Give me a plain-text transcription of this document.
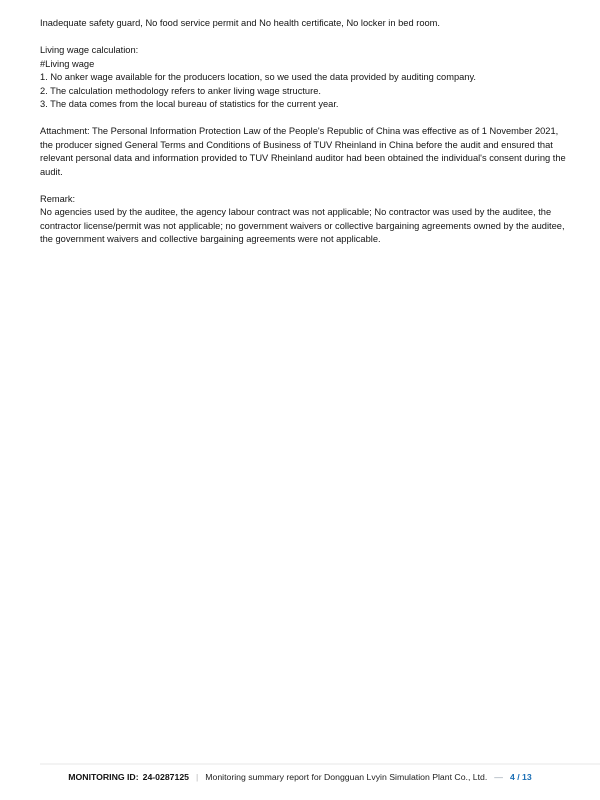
Inadequate safety guard, No food service permit and No health certificate, No locker in bed room.

Living wage calculation:
#Living wage
1. No anker wage available for the producers location, so we used the data provided by auditing company.
2. The calculation methodology refers to anker living wage structure.
3. The data comes from the local bureau of statistics for the current year.

Attachment: The Personal Information Protection Law of the People's Republic of China was effective as of 1 November 2021, the producer signed General Terms and Conditions of Business of TUV Rheinland in China before the audit and ensured that relevant personal data and information provided to TUV Rheinland auditor had been obtained the individual's consent during the audit.

Remark:

No agencies used by the auditee, the agency labour contract was not applicable; No contractor was used by the auditee, the contractor license/permit was not applicable; no government waivers or collective bargaining agreements owned by the auditee, the government waivers and collective bargaining agreements were not applicable.

MONITORING ID: 24-0287125 | Monitoring summary report for Dongguan Lvyin Simulation Plant Co., Ltd. — 4 / 13
